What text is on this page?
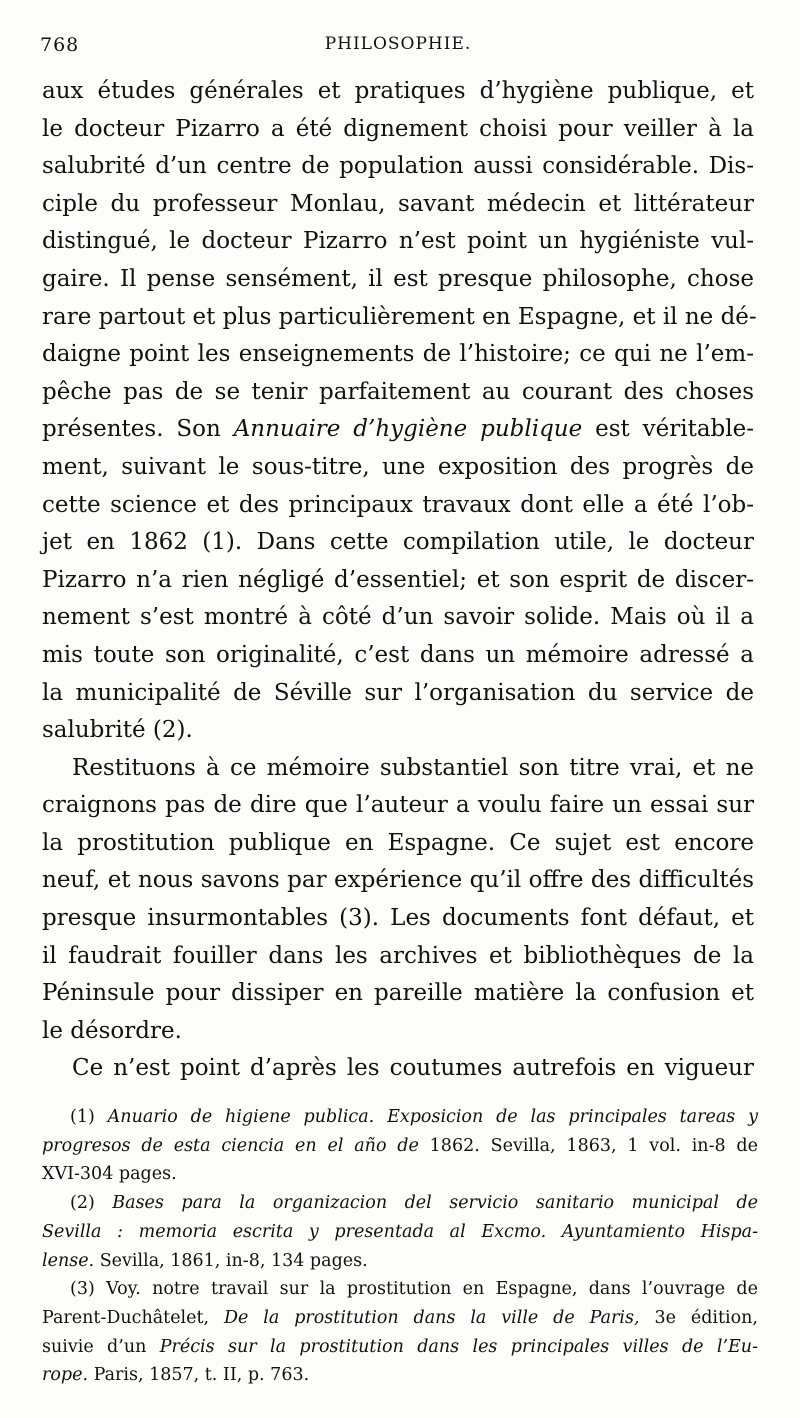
768	PHILOSOPHIE.
aux études générales et pratiques d’hygiène publique, et
le docteur Pizarro a été dignement choisi pour veiller à la
salubrité d’un centre de population aussi considérable. Dis-
ciple du professeur Monlau, savant médecin et littérateur
distingué, le docteur Pizarro n’est point un hygiéniste vul-
gaire. Il pense sensément, il est presque philosophe, chose
rare partout et plus particulièrement en Espagne, et il ne dé-
daigne point les enseignements de l’histoire; ce qui ne l’em-
pêche pas de se tenir parfaitement au courant des choses
présentes. Son Annuaire d’hygiène publique est véritable-
ment, suivant le sous-titre, une exposition des progrès de
cette science et des principaux travaux dont elle a été l’ob-
jet en 1862 (1). Dans cette compilation utile, le docteur
Pizarro n’a rien négligé d’essentiel; et son esprit de discer-
nement s’est montré à côté d’un savoir solide. Mais où il a
mis toute son originalité, c’est dans un mémoire adressé a
la municipalité de Séville sur l’organisation du service de
salubrité (2).
Restituons à ce mémoire substantiel son titre vrai, et ne
craignons pas de dire que l’auteur a voulu faire un essai sur
la prostitution publique en Espagne. Ce sujet est encore
neuf, et nous savons par expérience qu’il offre des difficultés
presque insurmontables (3). Les documents font défaut, et
il faudrait fouiller dans les archives et bibliothèques de la
Péninsule pour dissiper en pareille matière la confusion et
le désordre.
Ce n’est point d’après les coutumes autrefois en vigueur
(1) Anuario de higiene publica. Exposicion de las principales tareas y
progresos de esta ciencia en el año de 1862. Sevilla, 1863, 1 vol. in-8 de
XVI-304 pages.
(2) Bases para la organizacion del servicio sanitario municipal de
Sevilla : memoria escrita y presentada al Excmo. Ayuntamiento Hispa-
lense. Sevilla, 1861, in-8, 134 pages.
(3) Voy. notre travail sur la prostitution en Espagne, dans l’ouvrage de
Parent-Duchâtelet, De la prostitution dans la ville de Paris, 3e édition,
suivie d’un Précis sur la prostitution dans les principales villes de l’Eu-
rope. Paris, 1857, t. II, p. 763.
